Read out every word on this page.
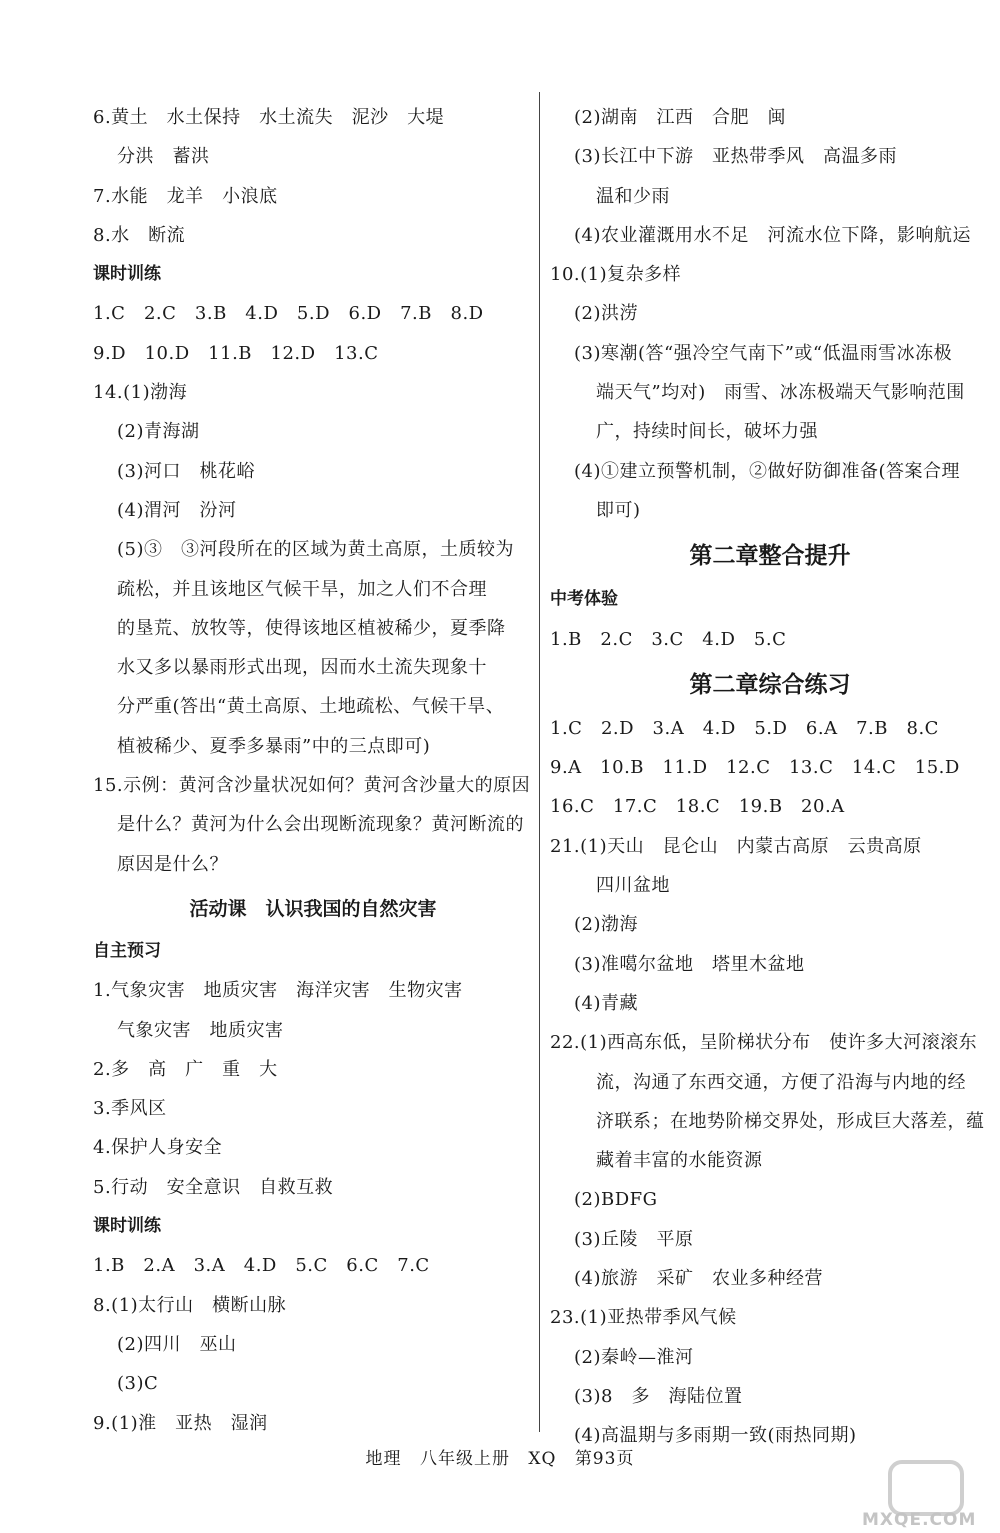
6.黄土　水土保持　水土流失　泥沙　大堤
分洪　蓄洪
7.水能　龙羊　小浪底
8.水　断流
课时训练
1.C　2.C　3.B　4.D　5.D　6.D　7.B　8.D
9.D　10.D　11.B　12.D　13.C
14.(1)渤海
(2)青海湖
(3)河口　桃花峪
(4)渭河　汾河
(5)③　③河段所在的区域为黄土高原，土质较为
疏松，并且该地区气候干旱，加之人们不合理
的垦荒、放牧等，使得该地区植被稀少，夏季降
水又多以暴雨形式出现，因而水土流失现象十
分严重(答出“黄土高原、土地疏松、气候干旱、
植被稀少、夏季多暴雨”中的三点即可)
15.示例：黄河含沙量状况如何？黄河含沙量大的原因
是什么？黄河为什么会出现断流现象？黄河断流的
原因是什么？
活动课　认识我国的自然灾害
自主预习
1.气象灾害　地质灾害　海洋灾害　生物灾害
气象灾害　地质灾害
2.多　高　广　重　大
3.季风区
4.保护人身安全
5.行动　安全意识　自救互救
课时训练
1.B　2.A　3.A　4.D　5.C　6.C　7.C
8.(1)太行山　横断山脉
(2)四川　巫山
(3)C
9.(1)淮　亚热　湿润
(2)湖南　江西　合肥　闽
(3)长江中下游　亚热带季风　高温多雨
温和少雨
(4)农业灌溉用水不足　河流水位下降，影响航运
10.(1)复杂多样
(2)洪涝
(3)寒潮(答“强冷空气南下”或“低温雨雪冰冻极
端天气”均对)　雨雪、冰冻极端天气影响范围
广，持续时间长，破坏力强
(4)①建立预警机制，②做好防御准备(答案合理
即可)
第二章整合提升
中考体验
1.B　2.C　3.C　4.D　5.C
第二章综合练习
1.C　2.D　3.A　4.D　5.D　6.A　7.B　8.C
9.A　10.B　11.D　12.C　13.C　14.C　15.D
16.C　17.C　18.C　19.B　20.A
21.(1)天山　昆仑山　内蒙古高原　云贵高原
四川盆地
(2)渤海
(3)准噶尔盆地　塔里木盆地
(4)青藏
22.(1)西高东低，呈阶梯状分布　使许多大河滚滚东
流，沟通了东西交通，方便了沿海与内地的经
济联系；在地势阶梯交界处，形成巨大落差，蕴
藏着丰富的水能资源
(2)BDFG
(3)丘陵　平原
(4)旅游　采矿　农业多种经营
23.(1)亚热带季风气候
(2)秦岭—淮河
(3)8　多　海陆位置
(4)高温期与多雨期一致(雨热同期)
地理 八年级上册 XQ 第93页
MXQE.COM
